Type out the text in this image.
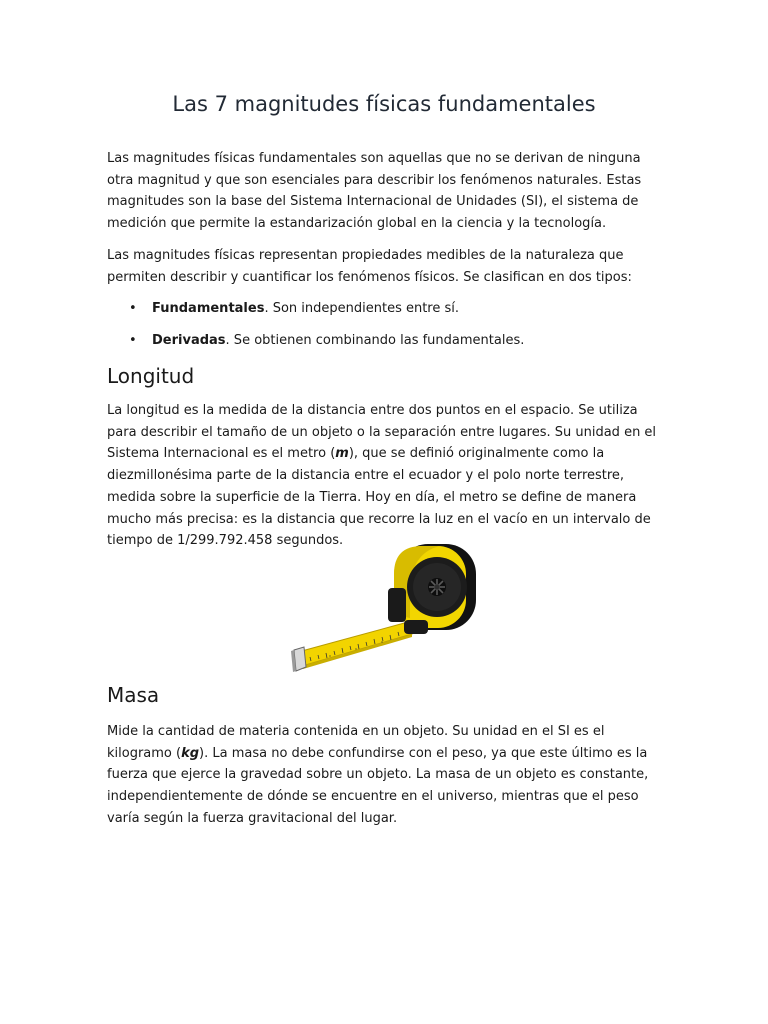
Las 7 magnitudes físicas fundamentales

Las magnitudes físicas fundamentales son aquellas que no se derivan de ninguna otra magnitud y que son esenciales para describir los fenómenos naturales. Estas magnitudes son la base del Sistema Internacional de Unidades (SI), el sistema de medición que permite la estandarización global en la ciencia y la tecnología.

Las magnitudes físicas representan propiedades medibles de la naturaleza que permiten describir y cuantificar los fenómenos físicos. Se clasifican en dos tipos:

• Fundamentales. Son independientes entre sí.
• Derivadas. Se obtienen combinando las fundamentales.
Longitud

La longitud es la medida de la distancia entre dos puntos en el espacio. Se utiliza para describir el tamaño de un objeto o la separación entre lugares. Su unidad en el Sistema Internacional es el metro (m), que se definió originalmente como la diezmillonésima parte de la distancia entre el ecuador y el polo norte terrestre, medida sobre la superficie de la Tierra. Hoy en día, el metro se define de manera mucho más precisa: es la distancia que recorre la luz en el vacío en un intervalo de tiempo de 1/299.792.458 segundos.

Masa

Mide la cantidad de materia contenida en un objeto. Su unidad en el SI es el kilogramo (kg). La masa no debe confundirse con el peso, ya que este último es la fuerza que ejerce la gravedad sobre un objeto. La masa de un objeto es constante, independientemente de dónde se encuentre en el universo, mientras que el peso varía según la fuerza gravitacional del lugar.
